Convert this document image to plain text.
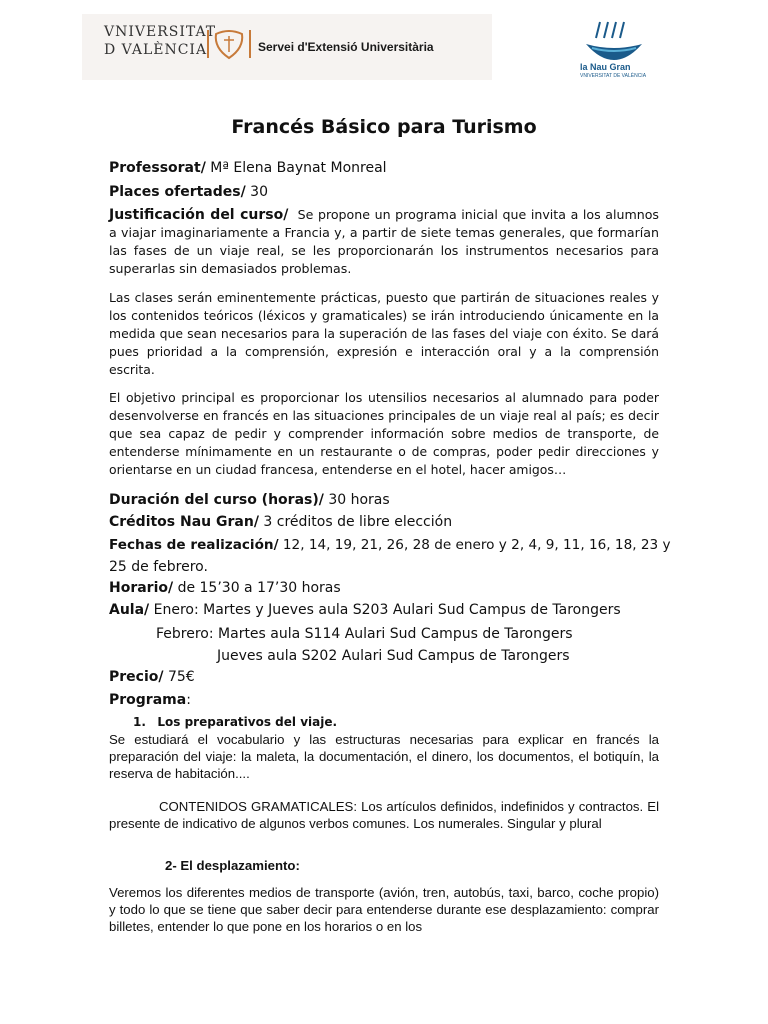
VNIVERSITAT
D VALÈNCIA	Servei d'Extensió Universitària
la Nau Gran
VNIVERSITAT DE VALÈNCIA
Francés Básico para Turismo
Professorat/ Mª Elena Baynat Monreal
Places ofertades/ 30
Justificación del curso/ Se propone un programa inicial que invita a los alumnos a viajar imaginariamente a Francia y, a partir de siete temas generales, que formarían las fases de un viaje real, se les proporcionarán los instrumentos necesarios para superarlas sin demasiados problemas.
Las clases serán eminentemente prácticas, puesto que partirán de situaciones reales y los contenidos teóricos (léxicos y gramaticales) se irán introduciendo únicamente en la medida que sean necesarios para la superación de las fases del viaje con éxito. Se dará pues prioridad a la comprensión, expresión e interacción oral y a la comprensión escrita.
El objetivo principal es proporcionar los utensilios necesarios al alumnado para poder desenvolverse en francés en las situaciones principales de un viaje real al país; es decir que sea capaz de pedir y comprender información sobre medios de transporte, de entenderse mínimamente en un restaurante o de compras, poder pedir direcciones y orientarse en un ciudad francesa, entenderse en el hotel, hacer amigos…
Duración del curso (horas)/ 30 horas
Créditos Nau Gran/ 3 créditos de libre elección
Fechas de realización/ 12, 14, 19, 21, 26, 28 de enero y 2, 4, 9, 11, 16, 18, 23 y
25 de febrero.
Horario/ de 15’30 a 17’30 horas
Aula/ Enero: Martes y Jueves aula S203 Aulari Sud Campus de Tarongers
Febrero: Martes aula S114 Aulari Sud Campus de Tarongers
Jueves aula S202 Aulari Sud Campus de Tarongers
Precio/ 75€
Programa:
1. Los preparativos del viaje.
Se estudiará el vocabulario y las estructuras necesarias para explicar en francés la preparación del viaje: la maleta, la documentación, el dinero, los documentos, el botiquín, la reserva de habitación....
CONTENIDOS GRAMATICALES: Los artículos definidos, indefinidos y contractos. El presente de indicativo de algunos verbos comunes. Los numerales. Singular y plural
2- El desplazamiento:
Veremos los diferentes medios de transporte (avión, tren, autobús, taxi, barco, coche propio) y todo lo que se tiene que saber decir para entenderse durante ese desplazamiento: comprar billetes, entender lo que pone en los horarios o en los
